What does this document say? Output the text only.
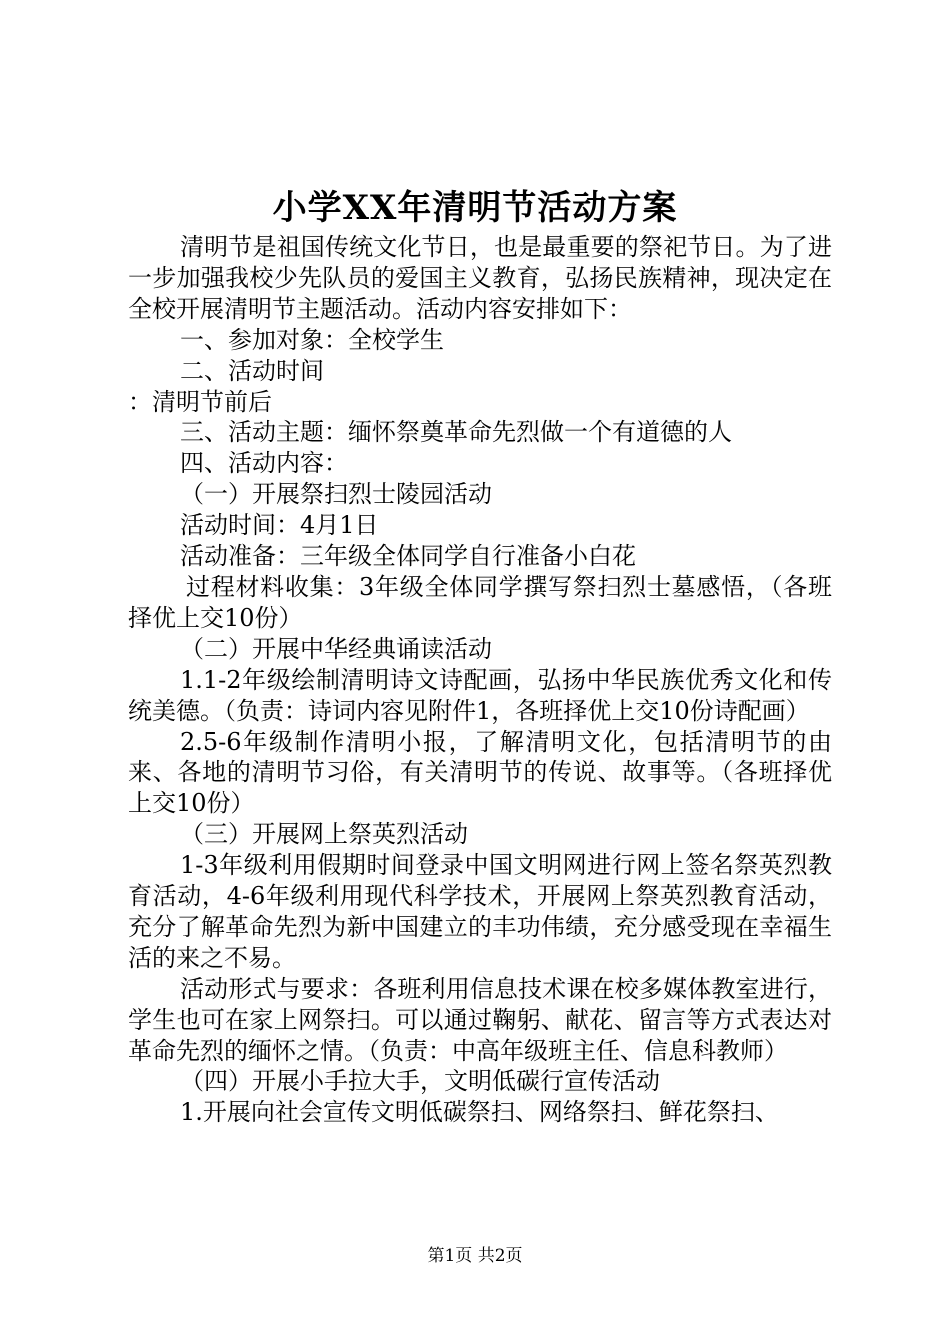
小学XX年清明节活动方案

清明节是祖国传统文化节日，也是最重要的祭祀节日。为了进一步加强我校少先队员的爱国主义教育，弘扬民族精神，现决定在全校开展清明节主题活动。活动内容安排如下：

一、参加对象：全校学生

二、活动时间

：清明节前后

三、活动主题：缅怀祭奠革命先烈做一个有道德的人

四、活动内容：

（一）开展祭扫烈士陵园活动

活动时间：4月1日

活动准备：三年级全体同学自行准备小白花

过程材料收集：3年级全体同学撰写祭扫烈士墓感悟，（各班择优上交10份）

（二）开展中华经典诵读活动

1.1-2年级绘制清明诗文诗配画，弘扬中华民族优秀文化和传统美德。（负责：诗词内容见附件1，各班择优上交10份诗配画）

2.5-6年级制作清明小报，了解清明文化，包括清明节的由来、各地的清明节习俗，有关清明节的传说、故事等。（各班择优上交10份）

（三）开展网上祭英烈活动

1-3年级利用假期时间登录中国文明网进行网上签名祭英烈教育活动，4-6年级利用现代科学技术，开展网上祭英烈教育活动，充分了解革命先烈为新中国建立的丰功伟绩，充分感受现在幸福生活的来之不易。

活动形式与要求：各班利用信息技术课在校多媒体教室进行，学生也可在家上网祭扫。可以通过鞠躬、献花、留言等方式表达对革命先烈的缅怀之情。（负责：中高年级班主任、信息科教师）

（四）开展小手拉大手，文明低碳行宣传活动

1.开展向社会宣传文明低碳祭扫、网络祭扫、鲜花祭扫、

第1页 共2页
